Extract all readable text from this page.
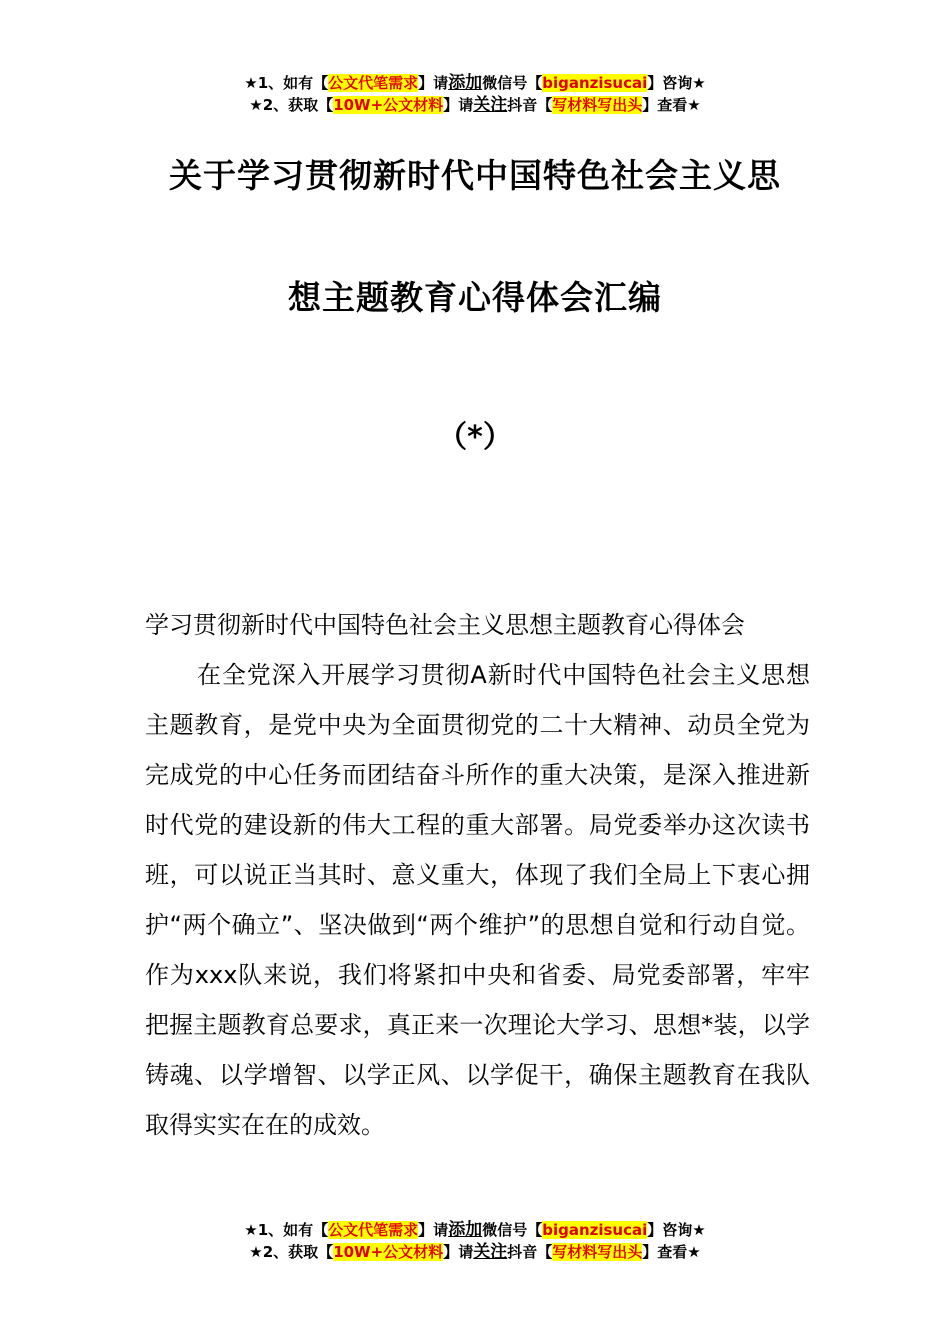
★1、如有【公文代笔需求】请添加微信号【biganzisucai】咨询★
★2、获取【10W+公文材料】请关注抖音【写材料写出头】查看★
关于学习贯彻新时代中国特色社会主义思
想主题教育心得体会汇编
（*）

学习贯彻新时代中国特色社会主义思想主题教育心得体会

在全党深入开展学习贯彻A新时代中国特色社会主义思想主题教育，是党中央为全面贯彻党的二十大精神、动员全党为完成党的中心任务而团结奋斗所作的重大决策，是深入推进新时代党的建设新的伟大工程的重大部署。局党委举办这次读书班，可以说正当其时、意义重大，体现了我们全局上下衷心拥护“两个确立”、坚决做到“两个维护”的思想自觉和行动自觉。作为xxx队来说，我们将紧扣中央和省委、局党委部署，牢牢把握主题教育总要求，真正来一次理论大学习、思想*装，以学铸魂、以学增智、以学正风、以学促干，确保主题教育在我队取得实实在在的成效。

★1、如有【公文代笔需求】请添加微信号【biganzisucai】咨询★
★2、获取【10W+公文材料】请关注抖音【写材料写出头】查看★
